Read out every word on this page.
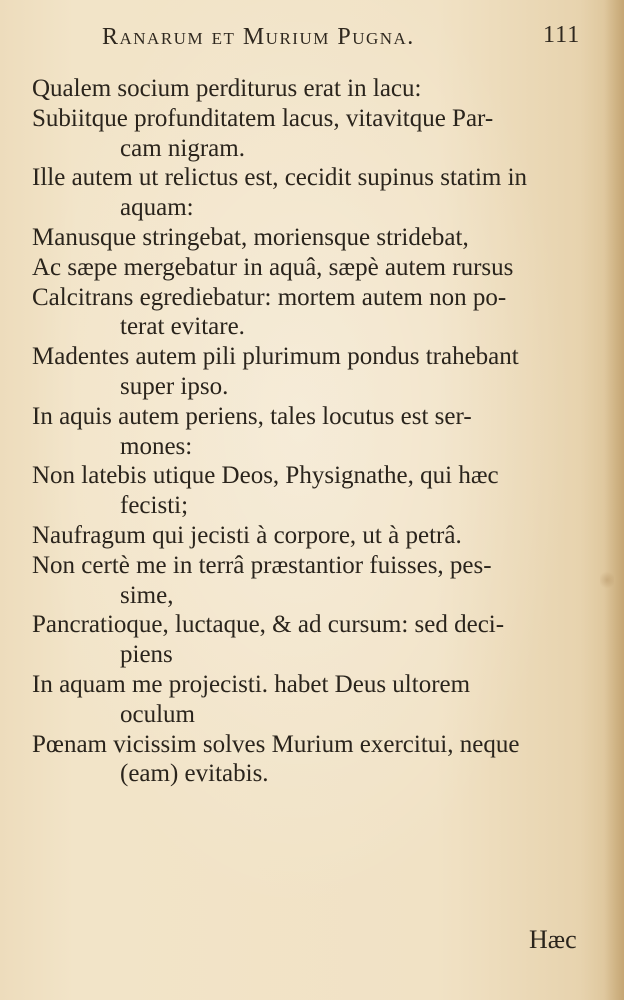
Ranarum et Murium Pugna.	111
Qualem socium perditurus erat in lacu:
Subiitque profunditatem lacus, vitavitque Par-
cam nigram.
Ille autem ut relictus est, cecidit supinus statim in
aquam:
Manusque stringebat, moriensque stridebat,
Ac sæpe mergebatur in aquâ, sæpè autem rursus
Calcitrans egrediebatur: mortem autem non po-
terat evitare.
Madentes autem pili plurimum pondus trahebant
super ipso.
In aquis autem periens, tales locutus est ser-
mones:
Non latebis utique Deos, Physignathe, qui hæc
fecisti;
Naufragum qui jecisti à corpore, ut à petrâ.
Non certè me in terrâ præstantior fuisses, pes-
sime,
Pancratioque, luctaque, & ad cursum: sed deci-
piens
In aquam me projecisti. habet Deus ultorem
oculum
Pœnam vicissim solves Murium exercitui, neque
(eam) evitabis.
Hæc
